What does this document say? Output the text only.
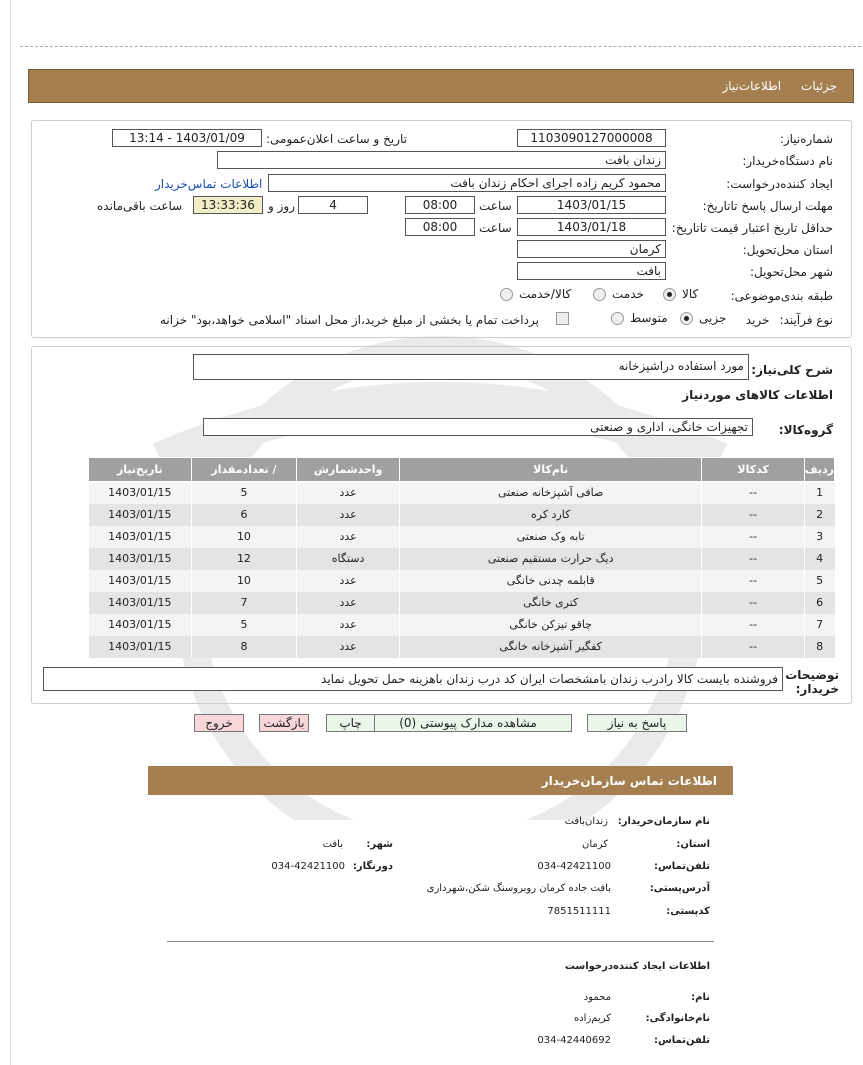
جزئیات
اطلاعات‌نیاز
شماره‌نیاز:
1103090127000008
تاریخ و ساعت اعلان‌عمومی:
1403/01/09 - 13:14
نام دستگاه‌خریدار:
زندان بافت
ایجاد کننده‌درخواست:
محمود کریم زاده اجرای احکام زندان بافت
اطلاعات تماس‌خریدار
مهلت ارسال پاسخ تا‌تاریخ:
1403/01/15
ساعت
08:00
4
روز و
13:33:36
ساعت باقی‌مانده
حداقل تاریخ اعتبار قیمت تا‌تاریخ:
1403/01/18
ساعت
08:00
استان محل‌تحویل:
کرمان
شهر محل‌تحویل:
بافت
طبقه بندی‌موضوعی:
کالا
خدمت
کالا/خدمت
نوع فرآیند:
خرید
جزیی
متوسط
پرداخت تمام یا بخشی از مبلغ خرید،از محل اسناد "اسلامی خواهد،بود" خزانه
شرح کلی‌نیاز:
مورد استفاده دراشپزخانه
اطلاعات کالاهای موردنیاز
گروه‌کالا:
تجهیزات خانگی، اداری و صنعتی
ردیف	کدکالا	نام‌کالا	واحدشمارش	/ تعدادمقدار	تاریخ‌نیاز
1	--	صافی آشپزخانه صنعتی	عدد	5	1403/01/15
2	--	کارد کره	عدد	6	1403/01/15
3	--	تابه وک صنعتی	عدد	10	1403/01/15
4	--	دیگ حرارت مستقیم صنعتی	دستگاه	12	1403/01/15
5	--	قابلمه چدنی خانگی	عدد	10	1403/01/15
6	--	کتری خانگی	عدد	7	1403/01/15
7	--	چاقو تیزکن خانگی	عدد	5	1403/01/15
8	--	کفگیر آشپزخانه خانگی	عدد	8	1403/01/15
توضیحات خریدار:
فروشنده بایست کالا رادرب زندان بامشخصات ایران کد درب زندان باهزینه حمل تحویل نماید
پاسخ به نیاز
مشاهده مدارک پیوستی (0)
چاپ
بازگشت
خروج
اطلاعات تماس سازمان‌خریدار
نام سازمان‌خریدار:
زندان‌بافت
استان:
کرمان
شهر:
بافت
تلفن‌تماس:
034-42421100
دورنگار:
034-42421100
آدرس‌پستی:
بافت جاده کرمان روبروسنگ شکن،شهرداری
کدپستی:
7851511111
اطلاعات ایجاد کننده‌درخواست
نام:
محمود
نام‌خانوادگی:
کریم‌زاده
تلفن‌تماس:
034-42440692
